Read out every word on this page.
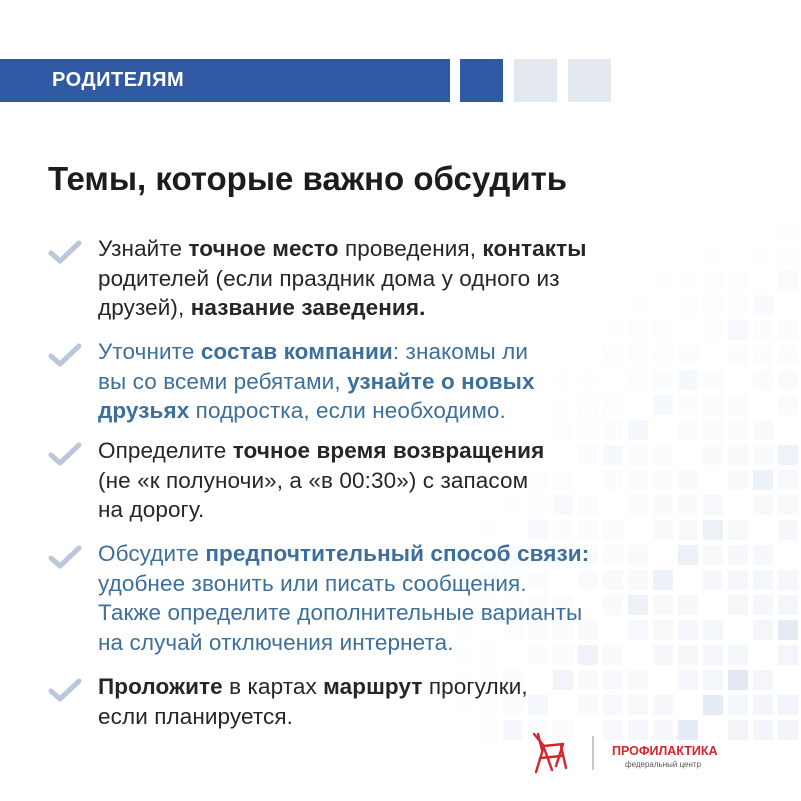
РОДИТЕЛЯМ
Темы, которые важно обсудить
Узнайте точное место проведения, контакты
родителей (если праздник дома у одного из
друзей), название заведения.
Уточните состав компании: знакомы ли
вы со всеми ребятами, узнайте о новых
друзьях подростка, если необходимо.
Определите точное время возвращения
(не «к полуночи», а «в 00:30») с запасом
на дорогу.
Обсудите предпочтительный способ связи:
удобнее звонить или писать сообщения.
Также определите дополнительные варианты
на случай отключения интернета.
Проложите в картах маршрут прогулки,
если планируется.
ПРОФИЛАКТИКА
федеральный центр
